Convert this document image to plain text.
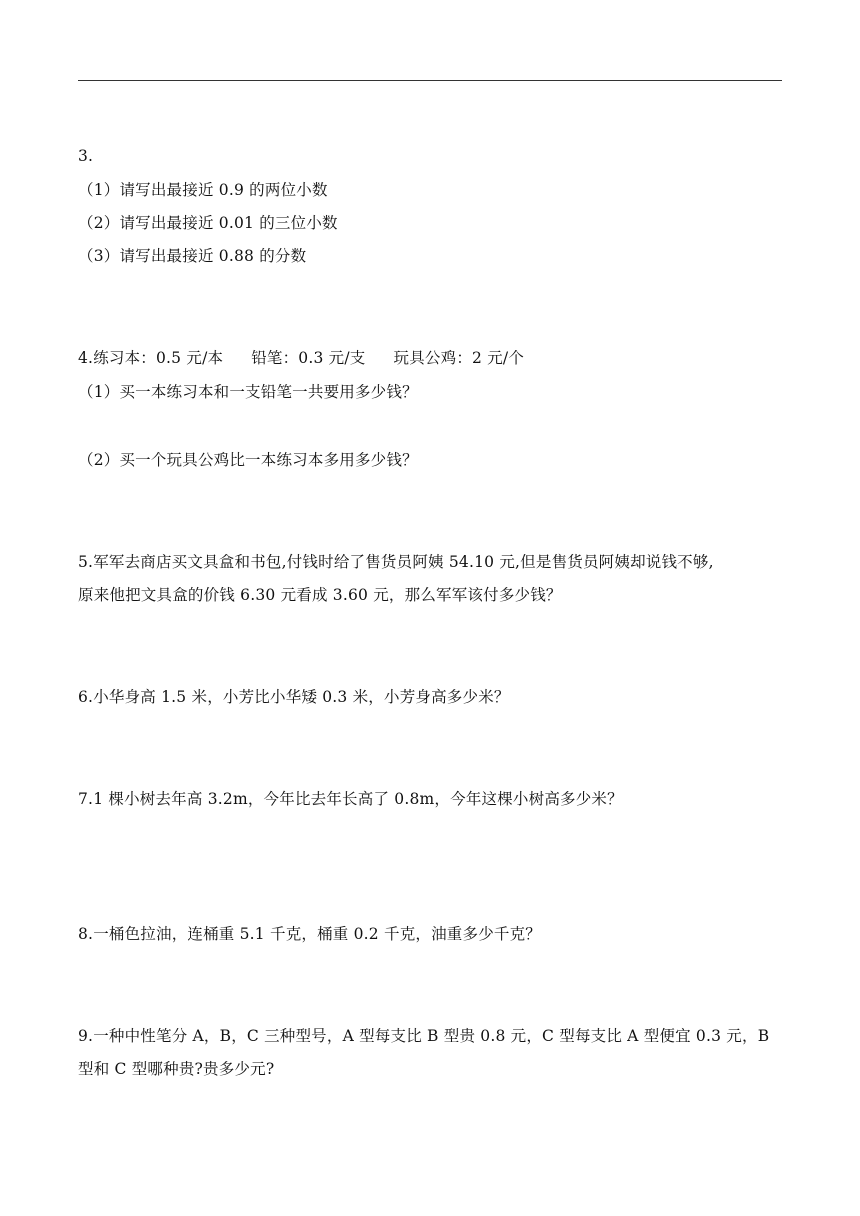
3.
（1）请写出最接近 0.9 的两位小数
（2）请写出最接近 0.01 的三位小数
（3）请写出最接近 0.88 的分数
4.练习本：0.5 元/本 铅笔：0.3 元/支 玩具公鸡：2 元/个
（1）买一本练习本和一支铅笔一共要用多少钱？
（2）买一个玩具公鸡比一本练习本多用多少钱？
5.军军去商店买文具盒和书包,付钱时给了售货员阿姨 54.10 元,但是售货员阿姨却说钱不够,
原来他把文具盒的价钱 6.30 元看成 3.60 元，那么军军该付多少钱？
6.小华身高 1.5 米，小芳比小华矮 0.3 米，小芳身高多少米？
7.1 棵小树去年高 3.2m，今年比去年长高了 0.8m，今年这棵小树高多少米？
8.一桶色拉油，连桶重 5.1 千克，桶重 0.2 千克，油重多少千克？
9.一种中性笔分 A，B，C 三种型号，A 型每支比 B 型贵 0.8 元，C 型每支比 A 型便宜 0.3 元，B
型和 C 型哪种贵?贵多少元?
